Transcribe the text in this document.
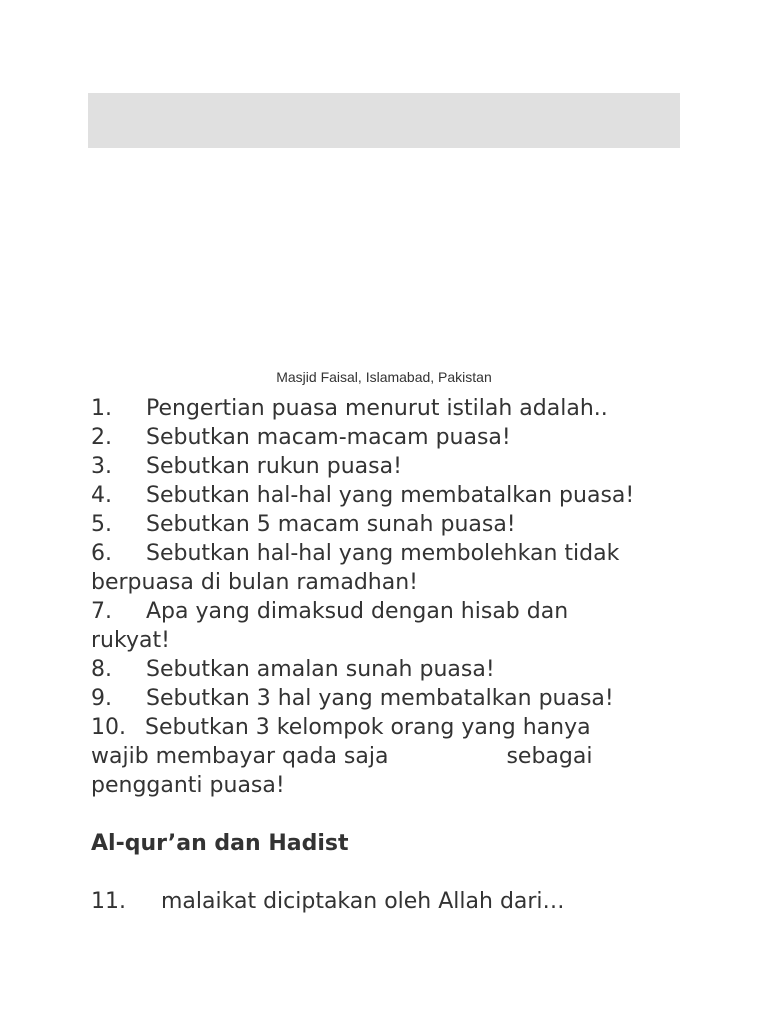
Masjid Faisal, Islamabad, Pakistan

1. Pengertian puasa menurut istilah adalah..

2. Sebutkan macam-macam puasa!

3. Sebutkan rukun puasa!

4. Sebutkan hal-hal yang membatalkan puasa!

5. Sebutkan 5 macam sunah puasa!

6. Sebutkan hal-hal yang membolehkan tidak berpuasa di bulan ramadhan!

7. Apa yang dimaksud dengan hisab dan rukyat!

8. Sebutkan amalan sunah puasa!

9. Sebutkan 3 hal yang membatalkan puasa!

10. Sebutkan 3 kelompok orang yang hanya wajib membayar qada saja	sebagai pengganti puasa!

Al-qur’an dan Hadist

11. malaikat diciptakan oleh Allah dari…
